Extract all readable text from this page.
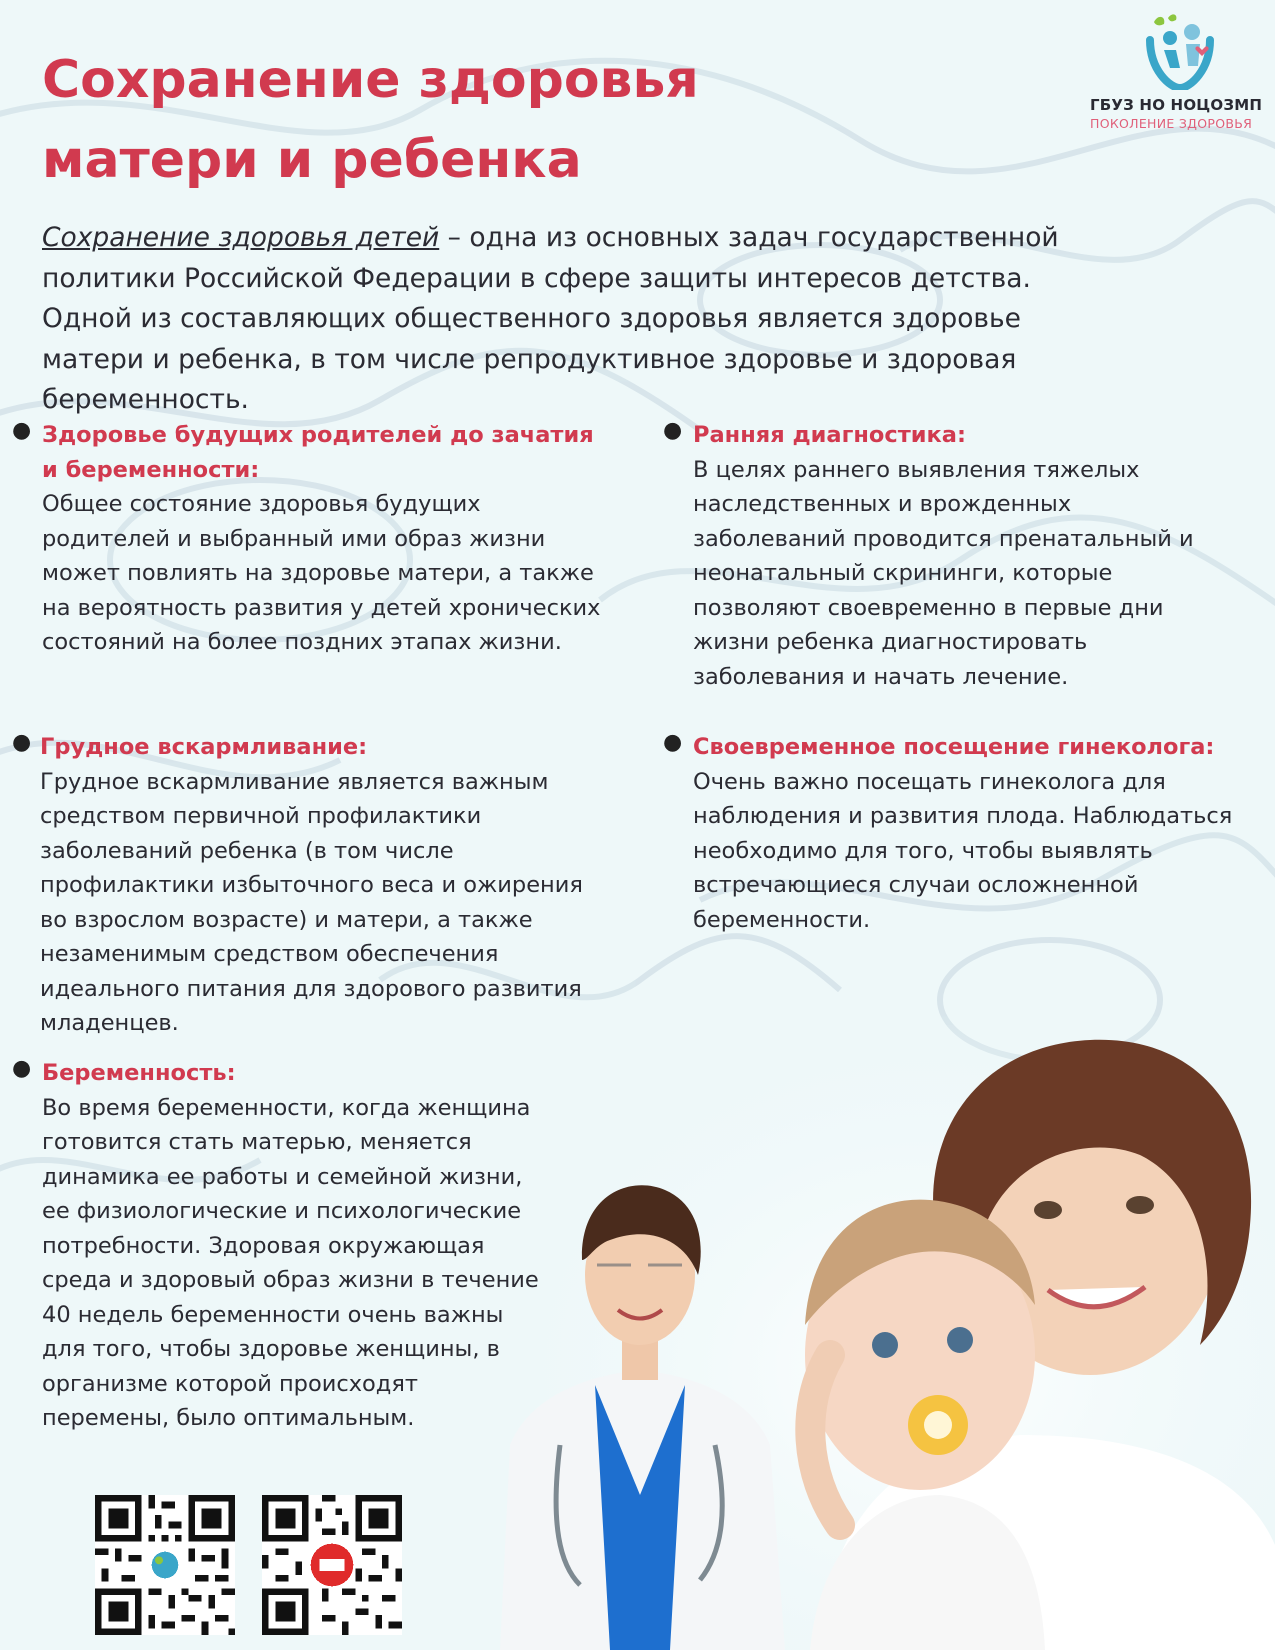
Сохранение здоровья
матери и ребенка
ГБУЗ НО НОЦОЗМП
ПОКОЛЕНИЕ ЗДОРОВЬЯ

Сохранение здоровья детей – одна из основных задач государственной политики Российской Федерации в сфере защиты интересов детства. Одной из составляющих общественного здоровья является здоровье матери и ребенка, в том числе репродуктивное здоровье и здоровая беременность.

● Здоровье будущих родителей до зачатия и беременности:

Общее состояние здоровья будущих родителей и выбранный ими образ жизни может повлиять на здоровье матери, а также на вероятность развития у детей хронических состояний на более поздних этапах жизни.

● Ранняя диагностика:

В целях раннего выявления тяжелых наследственных и врожденных заболеваний проводится пренатальный и неонатальный скрининги, которые позволяют своевременно в первые дни жизни ребенка диагностировать заболевания и начать лечение.

● Грудное вскармливание:

Грудное вскармливание является важным средством первичной профилактики заболеваний ребенка (в том числе профилактики избыточного веса и ожирения во взрослом возрасте) и матери, а также незаменимым средством обеспечения идеального питания для здорового развития младенцев.

● Своевременное посещение гинеколога:

Очень важно посещать гинеколога для наблюдения и развития плода. Наблюдаться необходимо для того, чтобы выявлять встречающиеся случаи осложненной беременности.

● Беременность:

Во время беременности, когда женщина готовится стать матерью, меняется динамика ее работы и семейной жизни, ее физиологические и психологические потребности. Здоровая окружающая среда и здоровый образ жизни в течение 40 недель беременности очень важны для того, чтобы здоровье женщины, в организме которой происходят перемены, было оптимальным.
